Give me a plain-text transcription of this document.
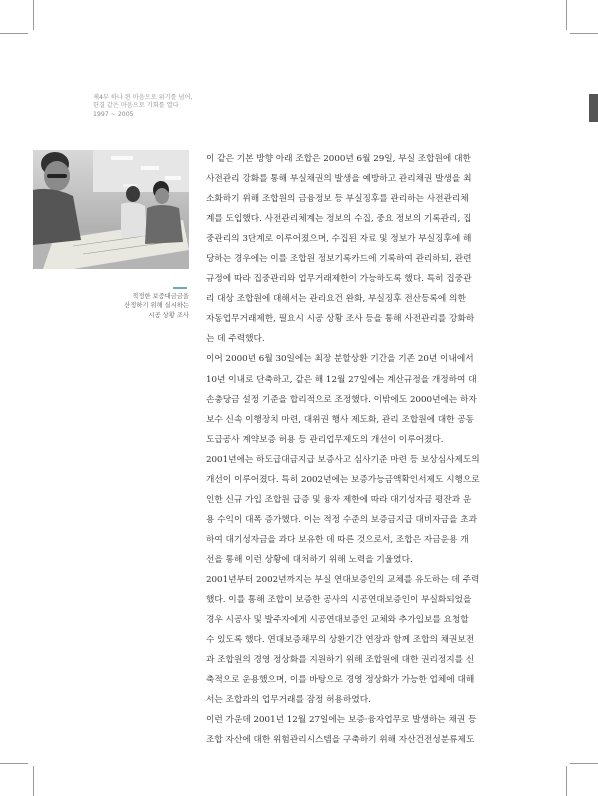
제4부 하나 된 마음으로 위기를 넘어,
한결 같은 마음으로 기회를 열다
1997 ~ 2005
적정한 보증대금금을
산정하기 위해 실시하는
시공 상황 조사

이 같은 기본 방향 아래 조합은 2000년 6월 29일, 부실 조합원에 대한

사전관리 강화를 통해 부실채권의 발생을 예방하고 관리채권 발생을 최

소화하기 위해 조합원의 금융정보 등 부실징후를 관리하는 사전관리체

계를 도입했다. 사전관리체계는 정보의 수집, 중요 정보의 기록관리, 집

중관리의 3단계로 이루어졌으며, 수집된 자료 및 정보가 부실징후에 해

당하는 경우에는 이를 조합원 정보기록카드에 기록하여 관리하되, 관련

규정에 따라 집중관리와 업무거래제한이 가능하도록 했다. 특히 집중관

리 대상 조합원에 대해서는 관리요건 완화, 부실징후 전산등록에 의한

자동업무거래제한, 필요시 시공 상황 조사 등을 통해 사전관리를 강화하

는 데 주력했다.

이어 2000년 6월 30일에는 최장 분할상환 기간을 기존 20년 이내에서

10년 이내로 단축하고, 같은 해 12월 27일에는 계산규정을 개정하여 대

손충당금 설정 기준을 합리적으로 조정했다. 이밖에도 2000년에는 하자

보수 신속 이행장치 마련, 대위권 행사 제도화, 관리 조합원에 대한 공동

도급공사 계약보증 허용 등 관리업무제도의 개선이 이루어졌다.

2001년에는 하도급대금지급 보증사고 심사기준 마련 등 보상심사제도의

개선이 이루어졌다. 특히 2002년에는 보증가능금액확인서제도 시행으로

인한 신규 가입 조합원 급증 및 융자 제한에 따라 대기성자금 평잔과 운

용 수익이 대폭 증가했다. 이는 적정 수준의 보증금지급 대비자금을 초과

하여 대기성자금을 과다 보유한 데 따른 것으로서, 조합은 자금운용 개

선을 통해 이런 상황에 대처하기 위해 노력을 기울였다.

2001년부터 2002년까지는 부실 연대보증인의 교체를 유도하는 데 주력

했다. 이를 통해 조합이 보증한 공사의 시공연대보증인이 부실화되었을

경우 시공사 및 발주자에게 시공연대보증인 교체와 추가입보를 요청할

수 있도록 했다. 연대보증채무의 상환기간 연장과 함께 조합의 채권보전

과 조합원의 경영 정상화를 지원하기 위해 조합원에 대한 권리정지를 신

축적으로 운용했으며, 이를 바탕으로 경영 정상화가 가능한 업체에 대해

서는 조합과의 업무거래를 잠정 허용하였다.

이런 가운데 2001년 12월 27일에는 보증·융자업무로 발생하는 채권 등

조합 자산에 대한 위험관리시스템을 구축하기 위해 자산건전성분류제도
